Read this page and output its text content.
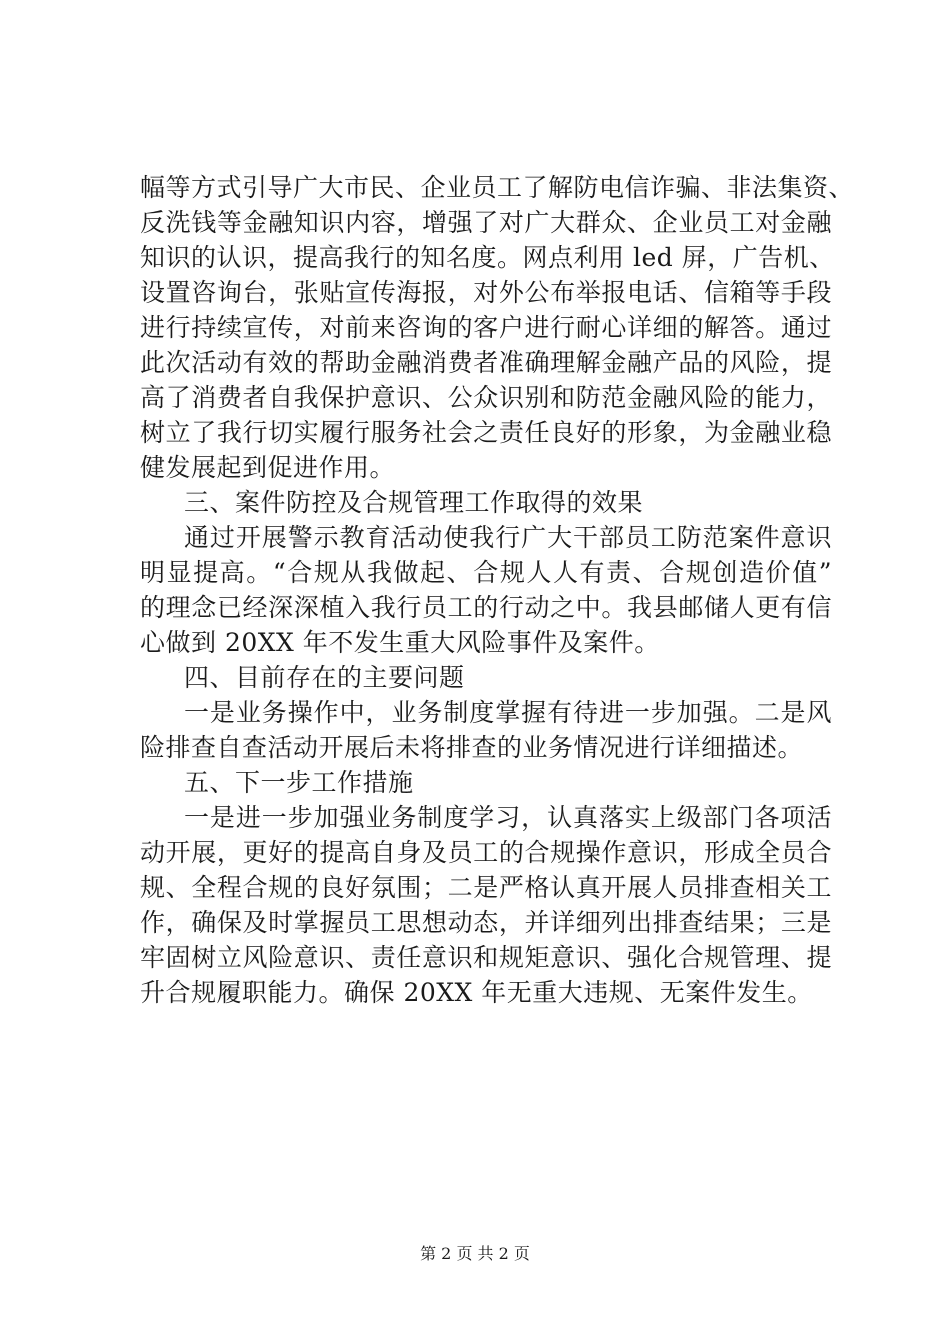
幅等方式引导广大市民、企业员工了解防电信诈骗、非法集资、
反洗钱等金融知识内容，增强了对广大群众、企业员工对金融
知识的认识，提高我行的知名度。网点利用 led 屏，广告机、
设置咨询台，张贴宣传海报，对外公布举报电话、信箱等手段
进行持续宣传，对前来咨询的客户进行耐心详细的解答。通过
此次活动有效的帮助金融消费者准确理解金融产品的风险，提
高了消费者自我保护意识、公众识别和防范金融风险的能力，
树立了我行切实履行服务社会之责任良好的形象，为金融业稳
健发展起到促进作用。
三、案件防控及合规管理工作取得的效果
通过开展警示教育活动使我行广大干部员工防范案件意识
明显提高。“合规从我做起、合规人人有责、合规创造价值”
的理念已经深深植入我行员工的行动之中。我县邮储人更有信
心做到 20XX 年不发生重大风险事件及案件。
四、目前存在的主要问题
一是业务操作中，业务制度掌握有待进一步加强。二是风
险排查自查活动开展后未将排查的业务情况进行详细描述。
五、下一步工作措施
一是进一步加强业务制度学习，认真落实上级部门各项活
动开展，更好的提高自身及员工的合规操作意识，形成全员合
规、全程合规的良好氛围；二是严格认真开展人员排查相关工
作，确保及时掌握员工思想动态，并详细列出排查结果；三是
牢固树立风险意识、责任意识和规矩意识、强化合规管理、提
升合规履职能力。确保 20XX 年无重大违规、无案件发生。
第 2 页 共 2 页
